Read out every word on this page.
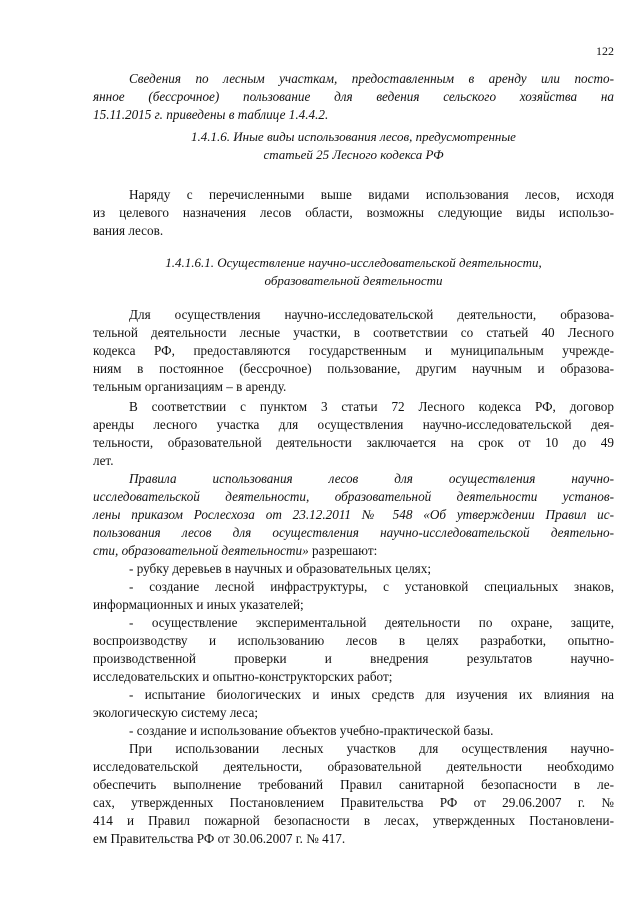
122
Сведения по лесным участкам, предоставленным в аренду или посто-
янное (бессрочное) пользование для ведения сельского хозяйства на
15.11.2015 г. приведены в таблице 1.4.4.2.
1.4.1.6. Иные виды использования лесов, предусмотренные
статьей 25 Лесного кодекса РФ
Наряду с перечисленными выше видами использования лесов, исходя
из целевого назначения лесов области, возможны следующие виды использо-
вания лесов.
1.4.1.6.1. Осуществление научно-исследовательской деятельности,
образовательной деятельности
Для осуществления научно-исследовательской деятельности, образова-
тельной деятельности лесные участки, в соответствии со статьей 40 Лесного
кодекса РФ, предоставляются государственным и муниципальным учрежде-
ниям в постоянное (бессрочное) пользование, другим научным и образова-
тельным организациям – в аренду.
В соответствии с пунктом 3 статьи 72 Лесного кодекса РФ, договор
аренды лесного участка для осуществления научно-исследовательской дея-
тельности, образовательной деятельности заключается на срок от 10 до 49
лет.
Правила использования лесов для осуществления научно-
исследовательской деятельности, образовательной деятельности установ-
лены приказом Рослесхоза от 23.12.2011 № 548 «Об утверждении Правил ис-
пользования лесов для осуществления научно-исследовательской деятельно-
сти, образовательной деятельности» разрешают:
- рубку деревьев в научных и образовательных целях;
- создание лесной инфраструктуры, с установкой специальных знаков,
информационных и иных указателей;
- осуществление экспериментальной деятельности по охране, защите,
воспроизводству и использованию лесов в целях разработки, опытно-
производственной проверки и внедрения результатов научно-
исследовательских и опытно-конструкторских работ;
- испытание биологических и иных средств для изучения их влияния на
экологическую систему леса;
- создание и использование объектов учебно-практической базы.
При использовании лесных участков для осуществления научно-
исследовательской деятельности, образовательной деятельности необходимо
обеспечить выполнение требований Правил санитарной безопасности в ле-
сах, утвержденных Постановлением Правительства РФ от 29.06.2007 г. №
414 и Правил пожарной безопасности в лесах, утвержденных Постановлени-
ем Правительства РФ от 30.06.2007 г. № 417.
